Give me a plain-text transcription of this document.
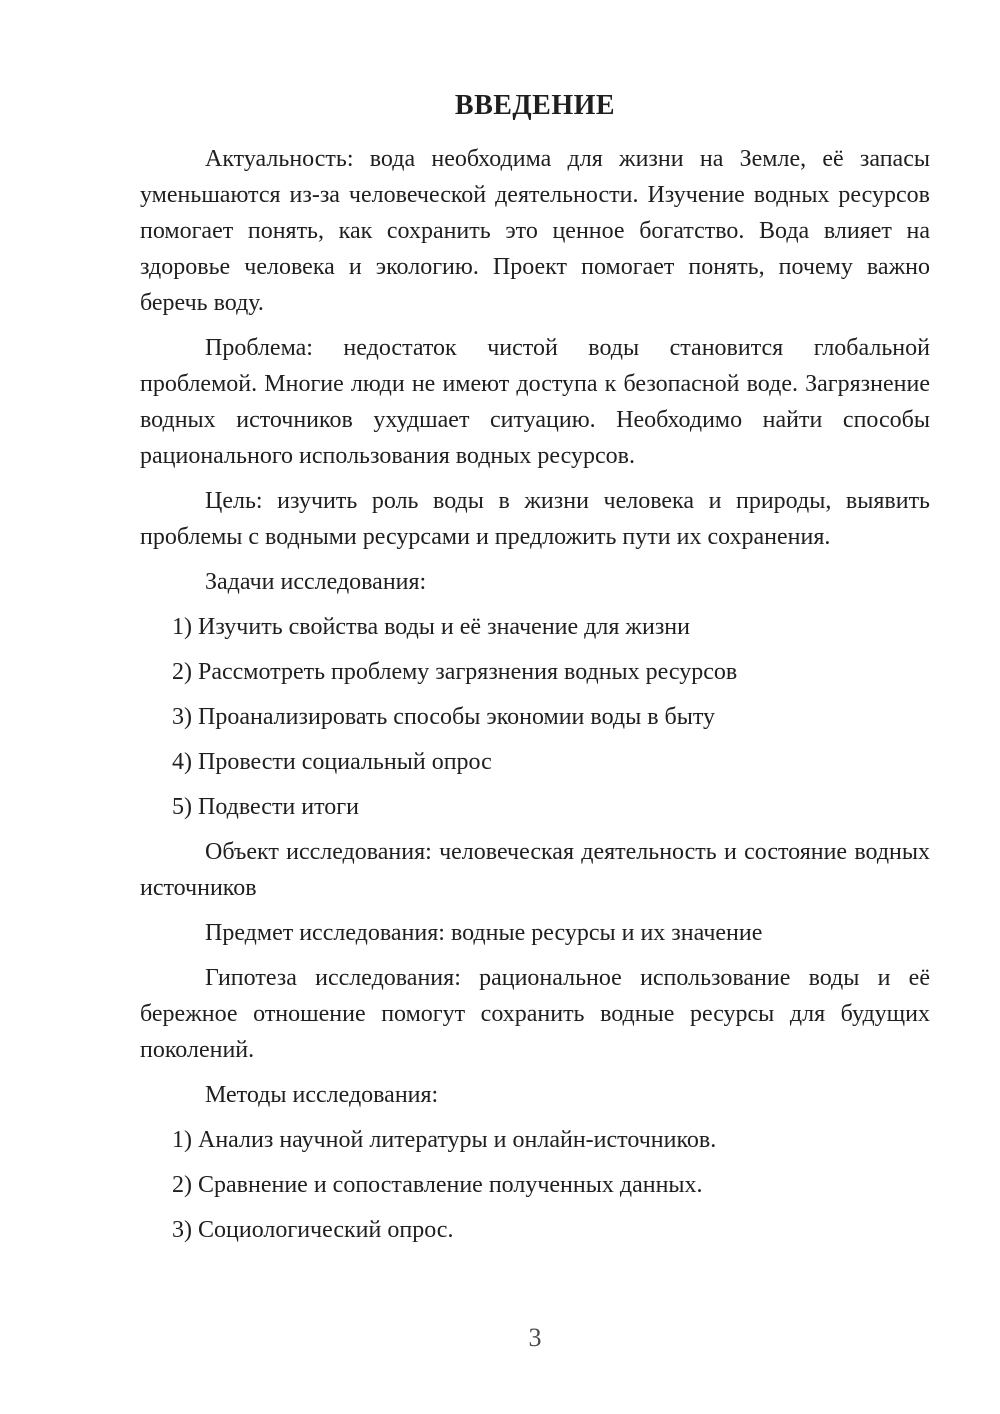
ВВЕДЕНИЕ

Актуальность: вода необходима для жизни на Земле, её запасы уменьшаются из-за человеческой деятельности. Изучение водных ресурсов помогает понять, как сохранить это ценное богатство. Вода влияет на здоровье человека и экологию. Проект помогает понять, почему важно беречь воду.

Проблема: недостаток чистой воды становится глобальной проблемой. Многие люди не имеют доступа к безопасной воде. Загрязнение водных источников ухудшает ситуацию. Необходимо найти способы рационального использования водных ресурсов.

Цель: изучить роль воды в жизни человека и природы, выявить проблемы с водными ресурсами и предложить пути их сохранения.

Задачи исследования:

1) Изучить свойства воды и её значение для жизни

2) Рассмотреть проблему загрязнения водных ресурсов

3) Проанализировать способы экономии воды в быту

4) Провести социальный опрос

5) Подвести итоги

Объект исследования: человеческая деятельность и состояние водных источников

Предмет исследования: водные ресурсы и их значение

Гипотеза исследования: рациональное использование воды и её бережное отношение помогут сохранить водные ресурсы для будущих поколений.

Методы исследования:

1) Анализ научной литературы и онлайн-источников.

2) Сравнение и сопоставление полученных данных.

3) Социологический опрос.

3
